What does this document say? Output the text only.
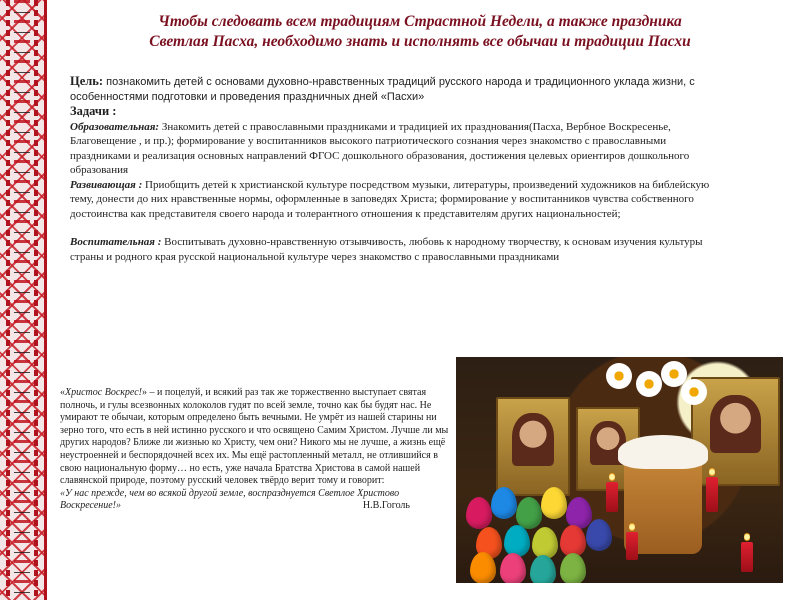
Чтобы следовать всем традициям Страстной Недели, а также праздника
Светлая Пасха, необходимо знать и исполнять все обычаи и традиции Пасхи

Цель: познакомить детей с основами духовно-нравственных традиций русского народа и традиционного уклада жизни, с особенностями подготовки и проведения праздничных дней «Пасхи»

Задачи :

Образовательная: Знакомить детей с православными праздниками и традицией их празднования(Пасха, Вербное Воскресенье, Благовещение , и пр.); формирование у воспитанников высокого патриотического сознания через знакомство с православными праздниками и реализация основных направлений ФГОС дошкольного образования, достижения целевых ориентиров дошкольного образования

Развивающая : Приобщить детей к христианской культуре посредством музыки, литературы, произведений художников на библейскую тему, донести до них нравственные нормы, оформленные в заповедях Христа; формирование у воспитанников чувства собственного достоинства как представителя своего народа и толерантного отношения к представителям других национальностей;

Воспитательная : Воспитывать духовно-нравственную отзывчивость, любовь к народному творчеству, к основам изучения культуры страны и родного края русской национальной культуре через знакомство с православными праздниками

«Христос Воскрес!» – и поцелуй, и всякий раз так же торжественно выступает святая полночь, и гулы всезвонных колоколов гудят по всей земле, точно как бы будят нас. Не умирают те обычаи, которым определено быть вечными. Не умрёт из нашей старины ни зерно того, что есть в ней истинно русского и что освящено Самим Христом. Лучше ли мы других народов? Ближе ли жизнью ко Христу, чем они? Никого мы не лучше, а жизнь ещё неустроенней и беспорядочней всех их. Мы ещё растопленный металл, не отлившийся в свою национальную форму… но есть, уже начала Братства Христова в самой нашей славянской природе, поэтому русский человек твёрдо верит тому и говорит:

«У нас прежде, чем во всякой другой земле, воспразднуется Светлое Христово Воскресение!»	Н.В.Гоголь
